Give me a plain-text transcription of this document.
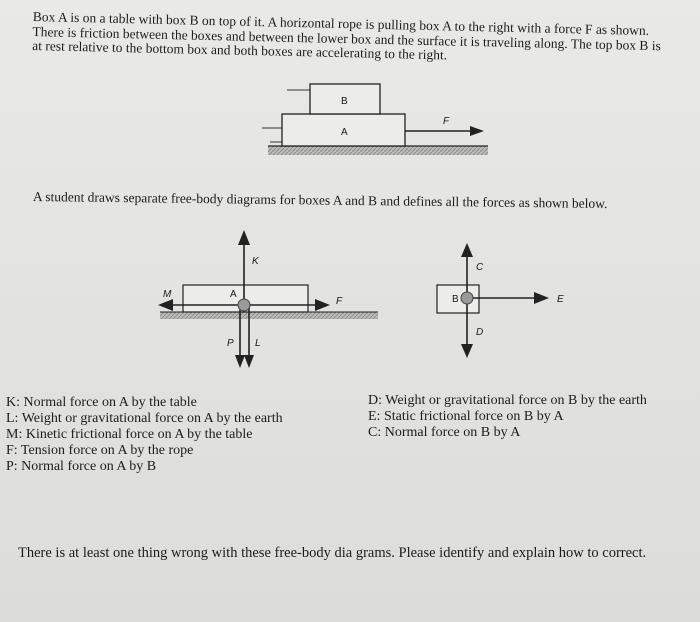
Box A is on a table with box B on top of it. A horizontal rope is pulling box A to the right with a force F as shown. There is friction between the boxes and between the lower box and the surface it is traveling along. The top box B is at rest relative to the bottom box and both boxes are accelerating to the right.

A
B
F

A student draws separate free-body diagrams for boxes A and B and defines all the forces as shown below.

A
K
M
F
P L
B
C
E
D
K: Normal force on A by the table
L: Weight or gravitational force on A by the earth
M: Kinetic frictional force on A by the table
F: Tension force on A by the rope
P: Normal force on A by B
D: Weight or gravitational force on B by the earth
E: Static frictional force on B by A
C: Normal force on B by A

There is at least one thing wrong with these free-body dia grams. Please identify and explain how to correct.
